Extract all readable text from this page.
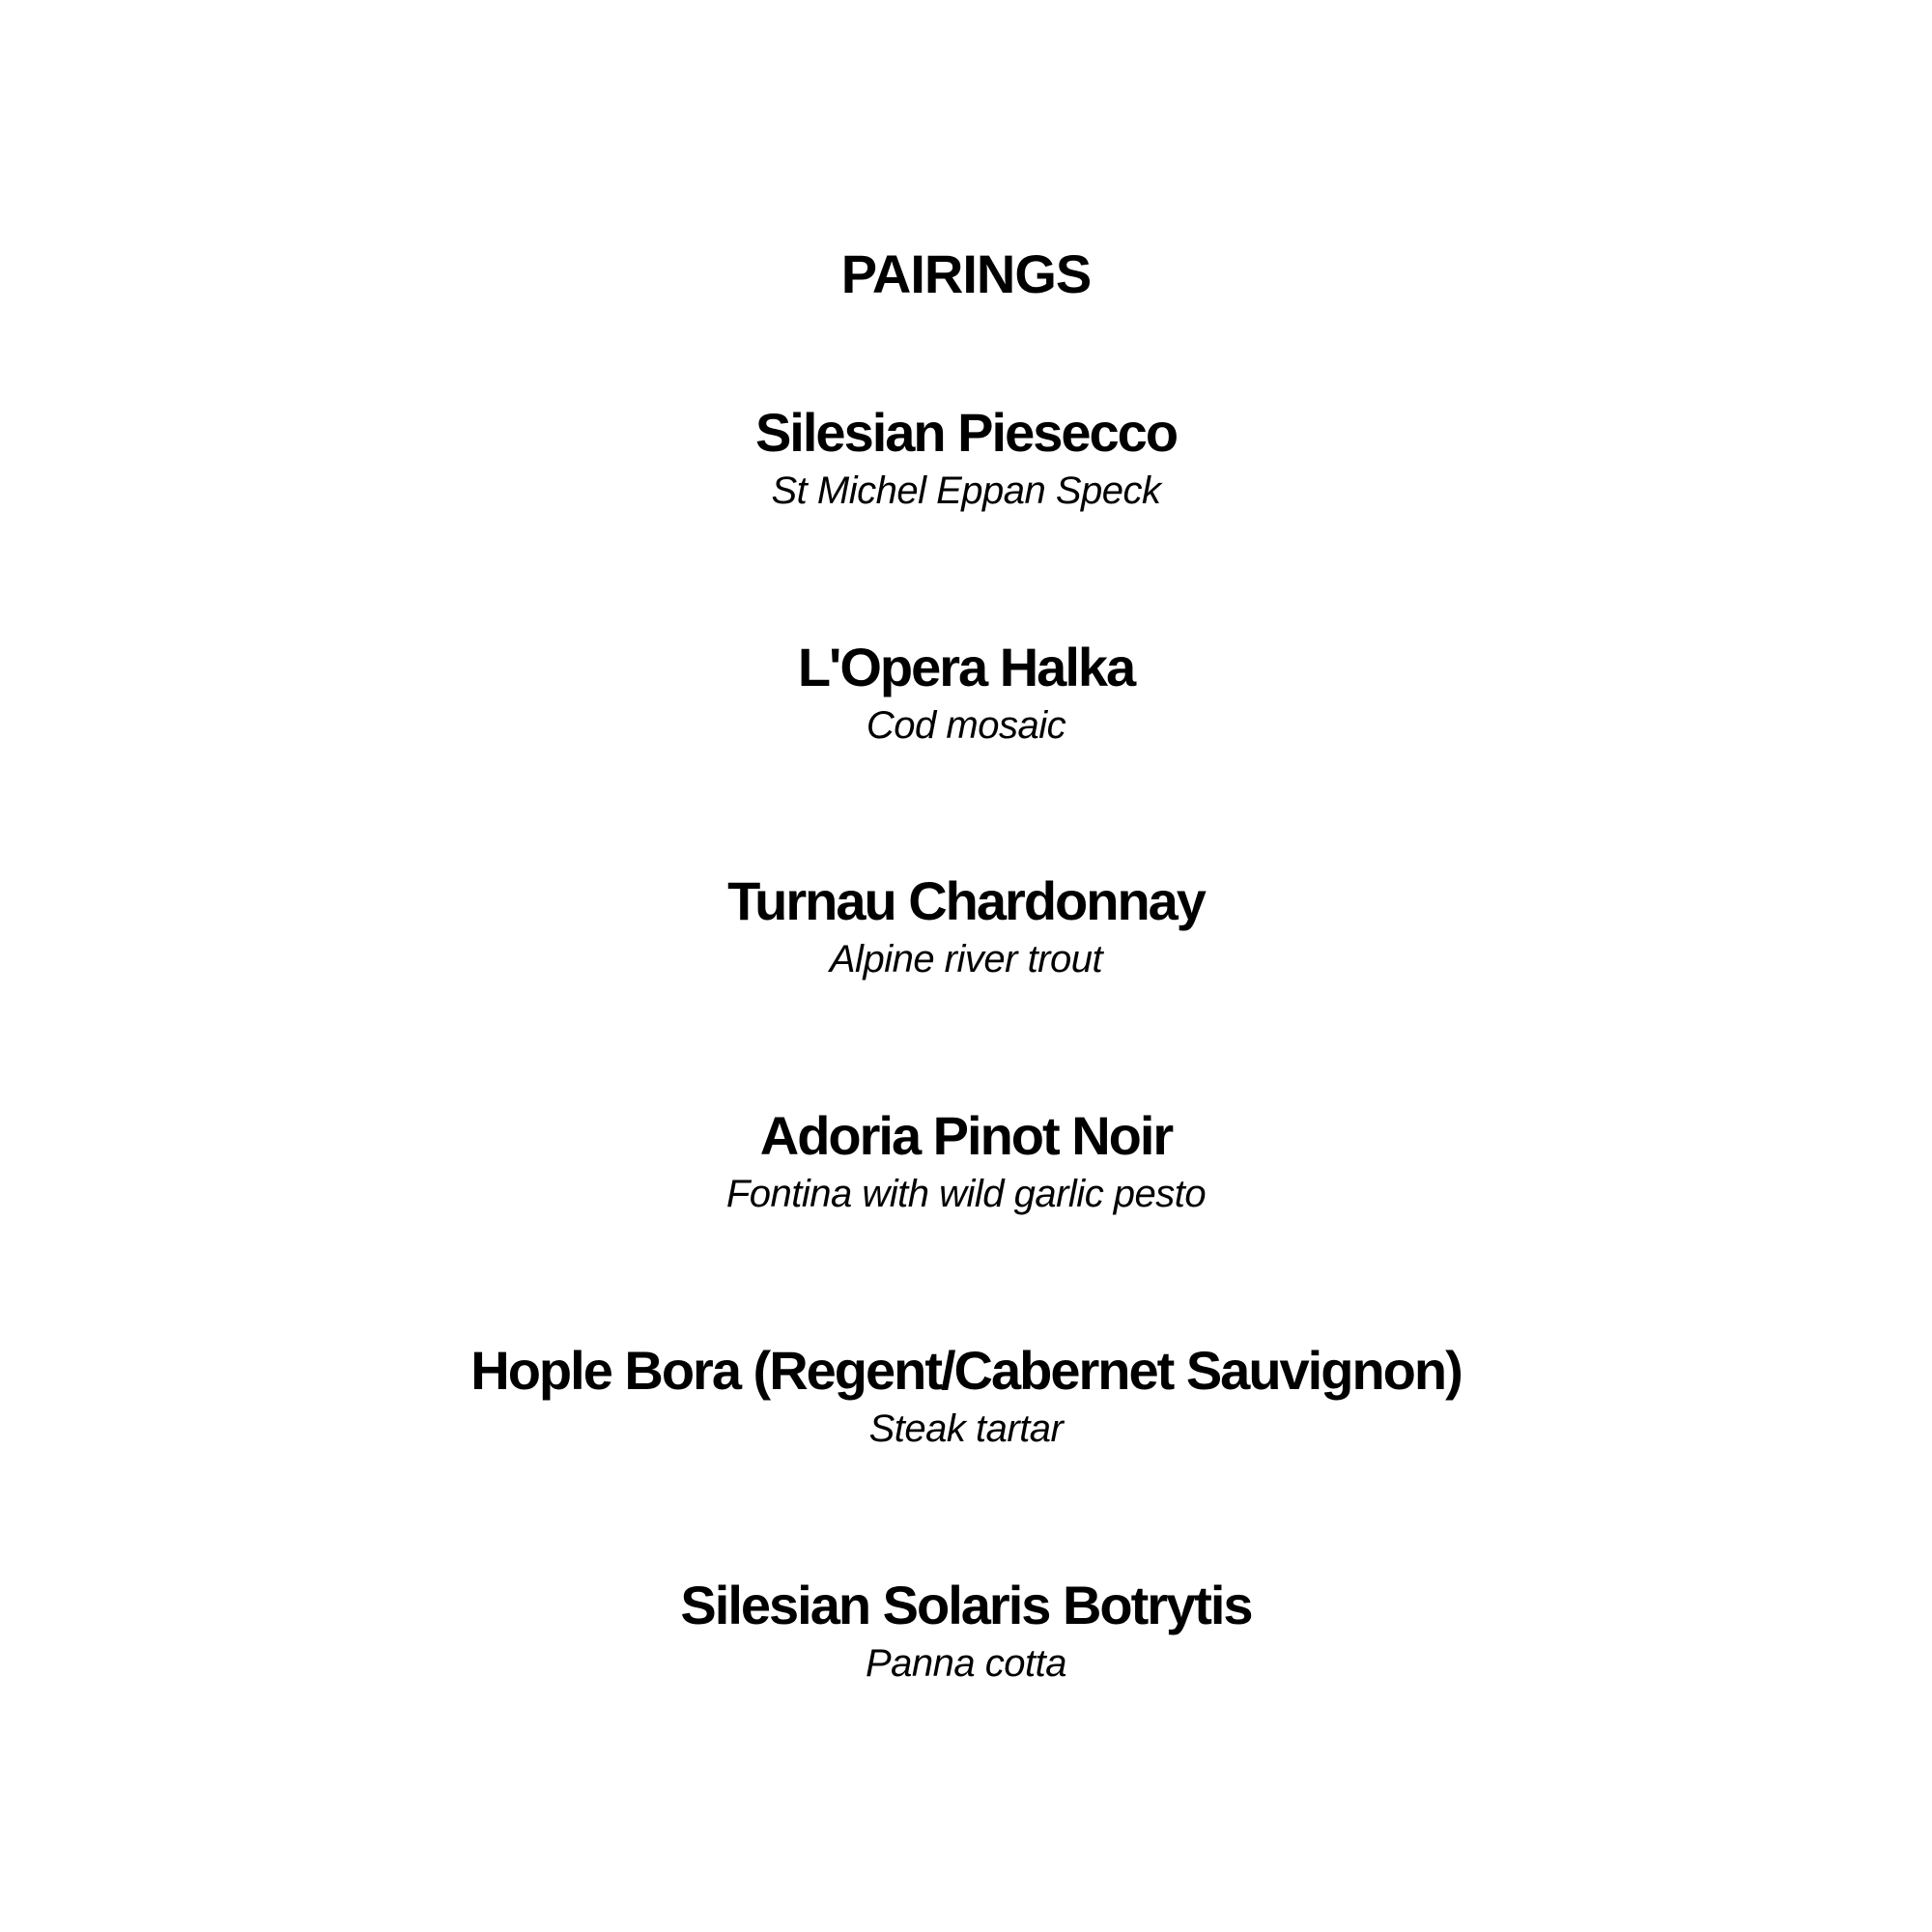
PAIRINGS
Silesian Piesecco
St Michel Eppan Speck
L'Opera Halka
Cod mosaic
Turnau Chardonnay
Alpine river trout
Adoria Pinot Noir
Fontina with wild garlic pesto
Hople Bora (Regent/Cabernet Sauvignon)
Steak tartar
Silesian Solaris Botrytis
Panna cotta
